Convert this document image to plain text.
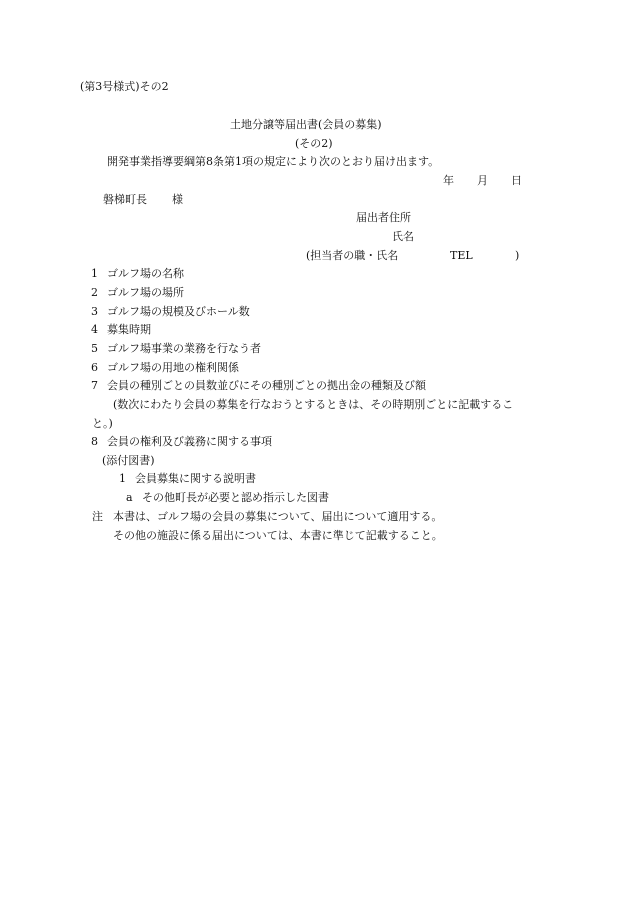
(第3号様式)その2
土地分譲等届出書(会員の募集)
(その2)
開発事業指導要綱第8条第1項の規定により次のとおり届け出ます。
年 月 日
磐梯町長 様
届出者住所
氏名
(担当者の職・氏名	TEL	)
1 ゴルフ場の名称
2 ゴルフ場の場所
3 ゴルフ場の規模及びホール数
4 募集時期
5 ゴルフ場事業の業務を行なう者
6 ゴルフ場の用地の権利関係
7 会員の種別ごとの員数並びにその種別ごとの拠出金の種類及び額
(数次にわたり会員の募集を行なおうとするときは、その時期別ごとに記載するこ
と。)
8 会員の権利及び義務に関する事項
(添付図書)
1 会員募集に関する説明書
a その他町長が必要と認め指示した図書
注 本書は、ゴルフ場の会員の募集について、届出について適用する。
その他の施設に係る届出については、本書に準じて記載すること。
